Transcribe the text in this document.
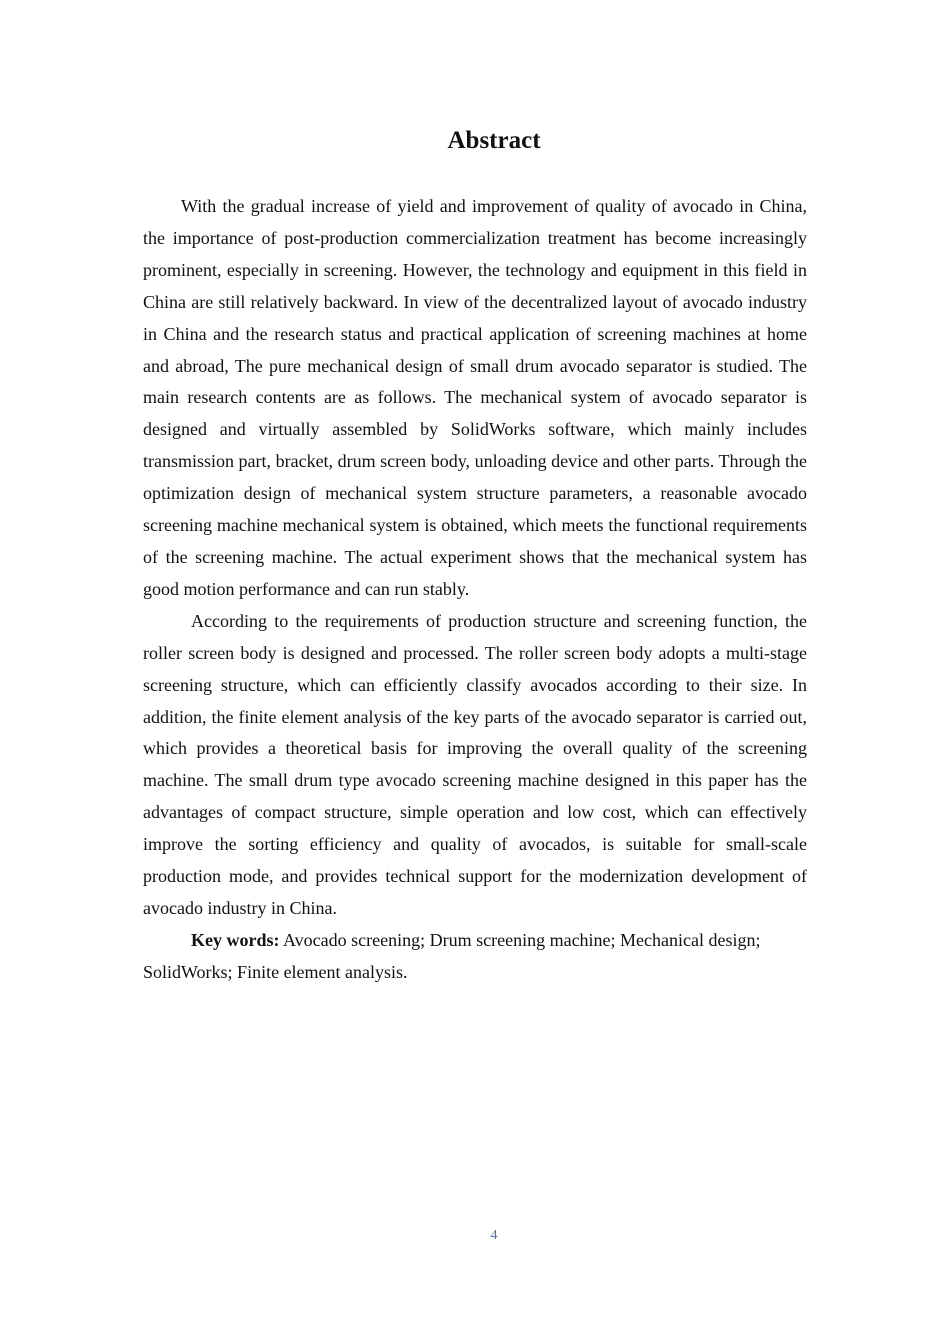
Abstract

With the gradual increase of yield and improvement of quality of avocado in China, the importance of post-production commercialization treatment has become increasingly prominent, especially in screening. However, the technology and equipment in this field in China are still relatively backward. In view of the decentralized layout of avocado industry in China and the research status and practical application of screening machines at home and abroad, The pure mechanical design of small drum avocado separator is studied. The main research contents are as follows. The mechanical system of avocado separator is designed and virtually assembled by SolidWorks software, which mainly includes transmission part, bracket, drum screen body, unloading device and other parts. Through the optimization design of mechanical system structure parameters, a reasonable avocado screening machine mechanical system is obtained, which meets the functional requirements of the screening machine. The actual experiment shows that the mechanical system has good motion performance and can run stably.

According to the requirements of production structure and screening function, the roller screen body is designed and processed. The roller screen body adopts a multi-stage screening structure, which can efficiently classify avocados according to their size. In addition, the finite element analysis of the key parts of the avocado separator is carried out, which provides a theoretical basis for improving the overall quality of the screening machine. The small drum type avocado screening machine designed in this paper has the advantages of compact structure, simple operation and low cost, which can effectively improve the sorting efficiency and quality of avocados, is suitable for small-scale production mode, and provides technical support for the modernization development of avocado industry in China.

Key words: Avocado screening; Drum screening machine; Mechanical design; SolidWorks; Finite element analysis.

4
